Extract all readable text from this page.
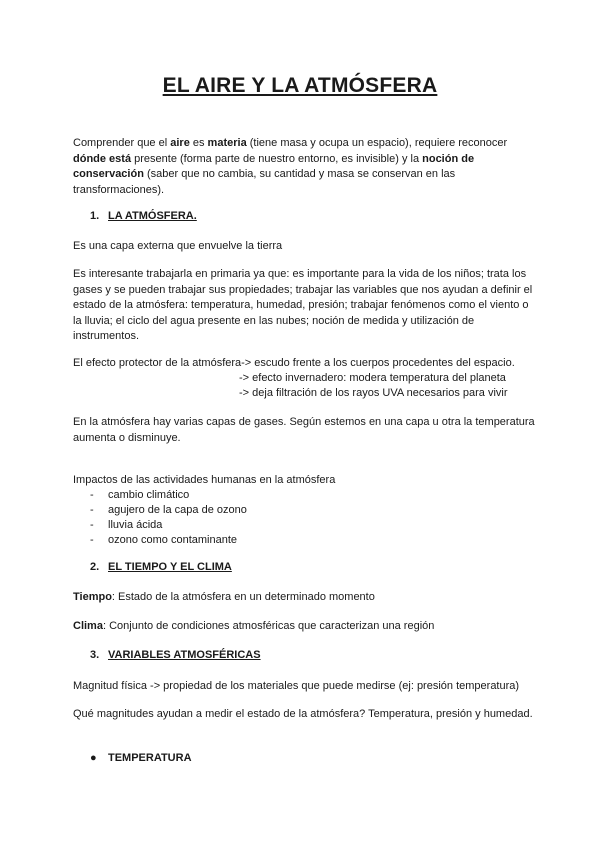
EL AIRE Y LA ATMÓSFERA
Comprender que el aire es materia (tiene masa y ocupa un espacio), requiere reconocer dónde está presente (forma parte de nuestro entorno, es invisible) y la noción de conservación (saber que no cambia, su cantidad y masa se conservan en las transformaciones).
1. LA ATMÓSFERA.
Es una capa externa que envuelve la tierra
Es interesante trabajarla en primaria ya que: es importante para la vida de los niños; trata los gases y se pueden trabajar sus propiedades; trabajar las variables que nos ayudan a definir el estado de la atmósfera: temperatura, humedad, presión; trabajar fenómenos como el viento o la lluvia; el ciclo del agua presente en las nubes; noción de medida y utilización de instrumentos.
El efecto protector de la atmósfera-> escudo frente a los cuerpos procedentes del espacio.
-> efecto invernadero: modera temperatura del planeta
-> deja filtración de los rayos UVA necesarios para vivir
En la atmósfera hay varias capas de gases. Según estemos en una capa u otra la temperatura aumenta o disminuye.
Impactos de las actividades humanas en la atmósfera
- cambio climático
- agujero de la capa de ozono
- lluvia ácida
- ozono como contaminante
2. EL TIEMPO Y EL CLIMA
Tiempo: Estado de la atmósfera en un determinado momento
Clima: Conjunto de condiciones atmosféricas que caracterizan una región
3. VARIABLES ATMOSFÉRICAS
Magnitud física -> propiedad de los materiales que puede medirse (ej: presión temperatura)
Qué magnitudes ayudan a medir el estado de la atmósfera? Temperatura, presión y humedad.
● TEMPERATURA
